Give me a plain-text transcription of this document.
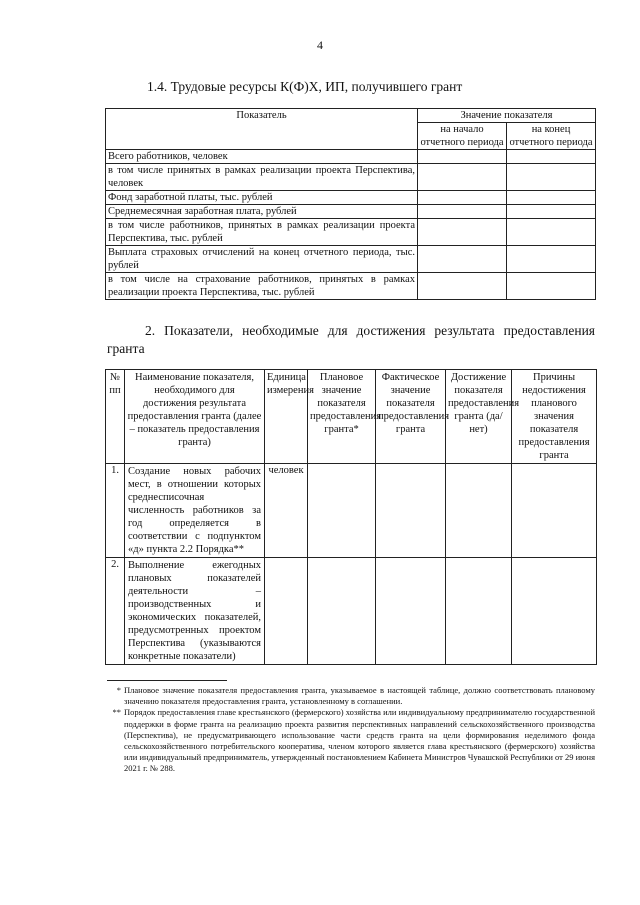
4
1.4. Трудовые ресурсы К(Ф)Х, ИП, получившего грант
Показатель	Значение показателя	
	на начало отчетного периода	на конец отчетного периода
Всего работников, человек		
в том числе принятых в рамках реализации проекта Перспектива, человек		
Фонд заработной платы, тыс. рублей		
Среднемесячная заработная плата, рублей		
в том числе работников, принятых в рамках реализации проекта Перспектива, тыс. рублей		
Выплата страховых отчислений на конец отчетного периода, тыс. рублей		
в том числе на страхование работников, принятых в рамках реализации проекта Перспектива, тыс. рублей		
2. Показатели, необходимые для достижения результата предоставления гранта
№ пп	Наименование показателя, необходимого для достижения результата предоставления гранта (далее – показатель предоставления гранта)	Единица измерения	Плановое значение показателя предоставления гранта*	Фактическое значение показателя предоставления гранта	Достижение показателя предоставления гранта (да/нет)	Причины недостижения планового значения показателя предоставления гранта
1.	Создание новых рабочих мест, в отношении которых среднесписочная численность работников за год определяется в соответствии с подпунктом «д» пункта 2.2 Порядка**	человек				
2.	Выполнение ежегодных плановых показателей деятельности – производственных и экономических показателей, предусмотренных проектом Перспектива (указываются конкретные показатели)					
* Плановое значение показателя предоставления гранта, указываемое в настоящей таблице, должно соответствовать плановому значению показателя предоставления гранта, установленному в соглашении.
** Порядок предоставления главе крестьянского (фермерского) хозяйства или индивидуальному предпринимателю государственной поддержки в форме гранта на реализацию проекта развития перспективных направлений сельскохозяйственного производства (Перспектива), не предусматривающего использование части средств гранта на цели формирования неделимого фонда сельскохозяйственного потребительского кооператива, членом которого является глава крестьянского (фермерского) хозяйства или индивидуальный предприниматель, утвержденный постановлением Кабинета Министров Чувашской Республики от 29 июня 2021 г. № 288.
